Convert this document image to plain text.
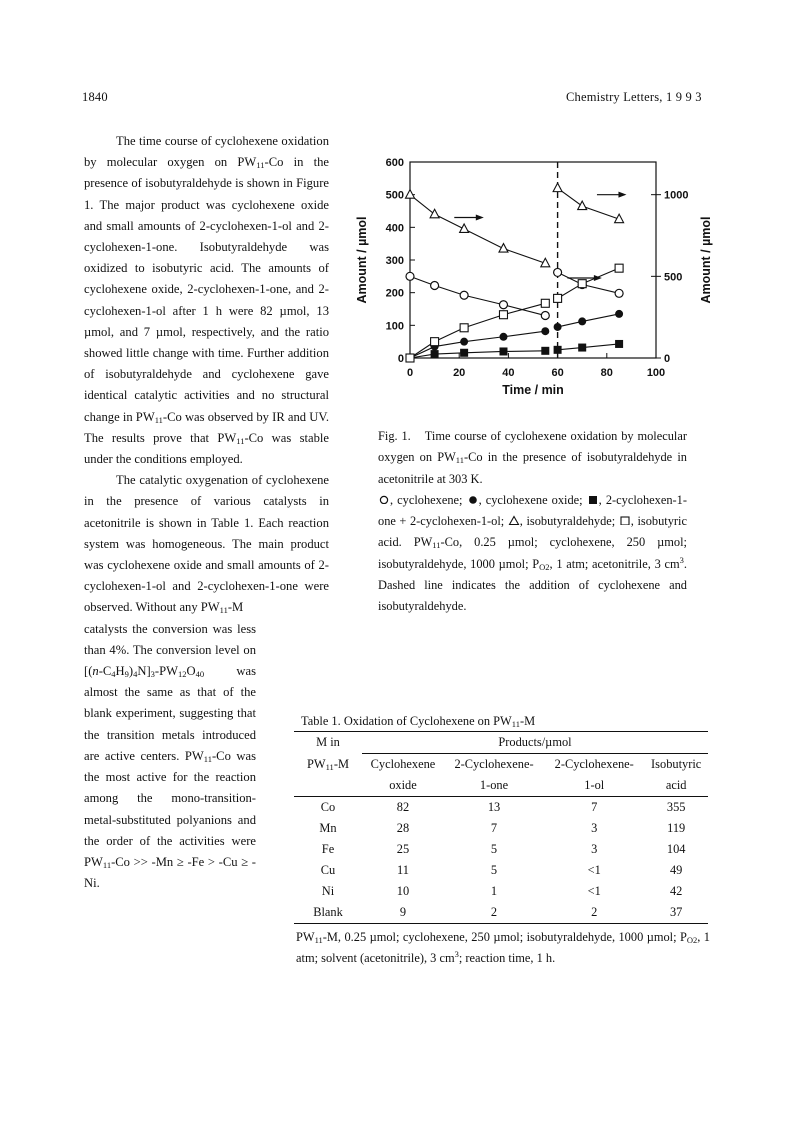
1840	Chemistry Letters, 1 9 9 3

The time course of cyclohexene oxidation by molecular oxygen on $PW_{11}-Co$ in the presence of isobutyraldehyde is shown in Figure 1. The major product was cyclohexene oxide and small amounts of 2-cyclohexen-1-ol and 2-cyclohexen-1-one. Isobutyraldehyde was oxidized to isobutyric acid. The amounts of cyclohexene oxide, 2-cyclohexen-1-one, and 2-cyclohexen-1-ol after 1 h were 82 µmol, 13 µmol, and 7 µmol, respectively, and the ratio showed little change with time. Further addition of isobutyraldehyde and cyclohexene gave identical catalytic activities and no structural change in $PW_{11}-Co$ was observed by IR and UV. The results prove that $PW_{11}-Co$ was stable under the conditions employed.

The catalytic oxygenation of cyclohexene in the presence of various catalysts in acetonitrile is shown in Table 1. Each reaction system was homogeneous. The main product was cyclohexene oxide and small amounts of 2-cyclohexen-1-ol and 2-cyclohexen-1-one were observed. Without any $PW_{11}-M$

catalysts the conversion was less than 4%. The conversion level on $[(n-C_4H_9)_4N]_3-PW_{12}O_{40}$ was almost the same as that of the blank experiment, suggesting that the transition metals introduced are active centers. $PW_{11}-Co$ was the most active for the reaction among the mono-transition-metal-substituted polyanions and the order of the activities were $PW_{11}-Co >> -Mn \ge -Fe > -Cu \ge -Ni$.

0
100
200
300
400
500
600
0
500
1000
0	20	40	60	80	100
Time / min
Amount / µmol	Amount / µmol

Fig. 1. Time course of cyclohexene oxidation by molecular oxygen on $PW_{11}-Co$ in the presence of isobutyraldehyde in acetonitrile at 303 K.

, cyclohexene; , cyclohexene oxide; , 2-cyclohexen-1-one + 2-cyclohexen-1-ol; , isobutyraldehyde; , isobutyric acid. $PW_{11}-Co$, 0.25 µmol; cyclohexene, 250 µmol; isobutyraldehyde, 1000 µmol; $P_{O2}$, 1 atm; acetonitrile, 3 $cm^3$. Dashed line indicates the addition of cyclohexene and isobutyraldehyde.

Table 1. Oxidation of Cyclohexene on $PW_{11}-M$
M in	Products/µmol			
$PW_{11}-M$	Cyclohexene	2-Cyclohexene-	2-Cyclohexene-	Isobutyric
	oxide	1-one	1-ol	acid
Co	82	13	7	355
Mn	28	7	3	119
Fe	25	5	3	104
Cu	11	5	<1	49
Ni	10	1	<1	42
Blank	9	2	2	37
$PW_{11}-M$, 0.25 µmol; cyclohexene, 250 µmol; isobutyraldehyde, 1000 µmol; $P_{O2}$, 1 atm; solvent (acetonitrile), 3 $cm^3$; reaction time, 1 h.
